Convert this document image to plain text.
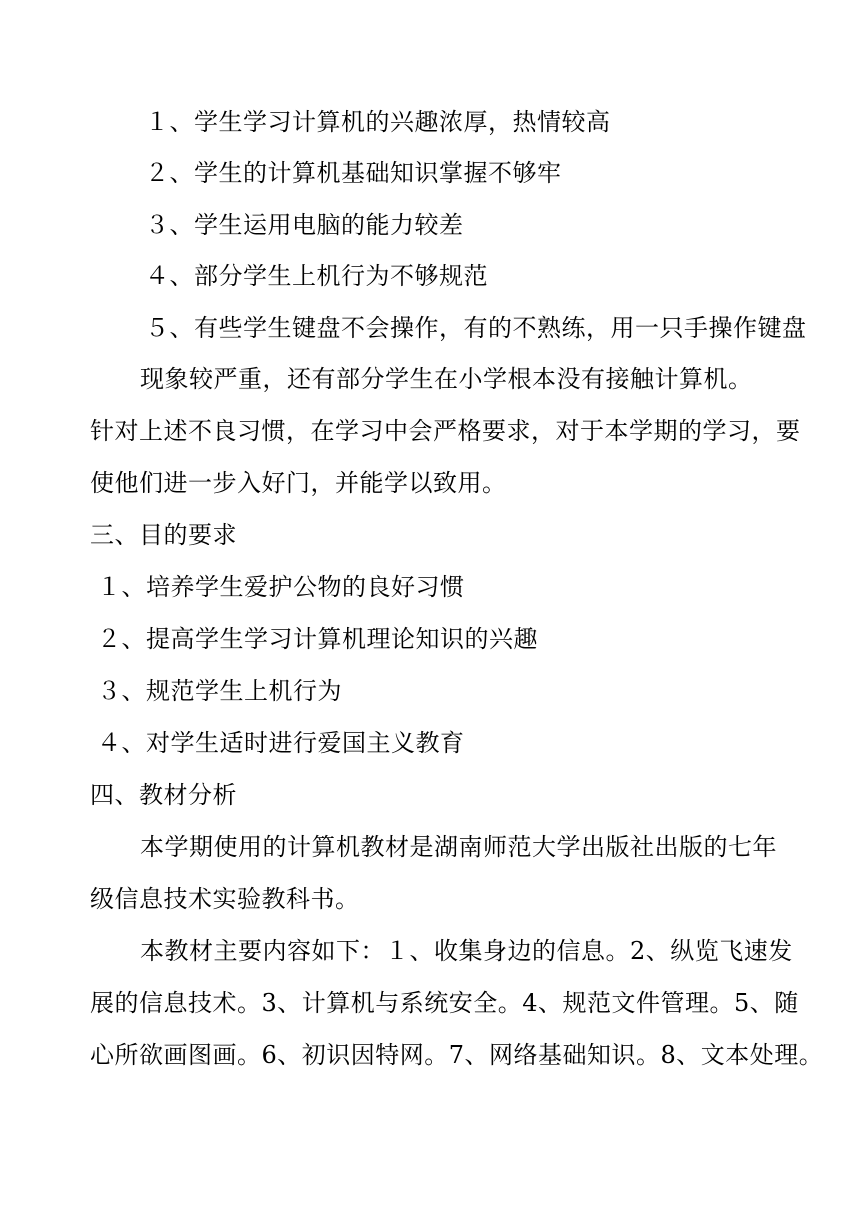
１、学生学习计算机的兴趣浓厚，热情较高
２、学生的计算机基础知识掌握不够牢
３、学生运用电脑的能力较差
４、部分学生上机行为不够规范
５、有些学生键盘不会操作，有的不熟练，用一只手操作键盘
现象较严重，还有部分学生在小学根本没有接触计算机。
针对上述不良习惯，在学习中会严格要求，对于本学期的学习，要
使他们进一步入好门，并能学以致用。
三、目的要求
１、培养学生爱护公物的良好习惯
２、提高学生学习计算机理论知识的兴趣
３、规范学生上机行为
４、对学生适时进行爱国主义教育
四、教材分析
本学期使用的计算机教材是湖南师范大学出版社出版的七年
级信息技术实验教科书。
本教材主要内容如下：１、收集身边的信息。2、纵览飞速发
展的信息技术。3、计算机与系统安全。4、规范文件管理。5、随
心所欲画图画。6、初识因特网。7、网络基础知识。8、文本处理。
